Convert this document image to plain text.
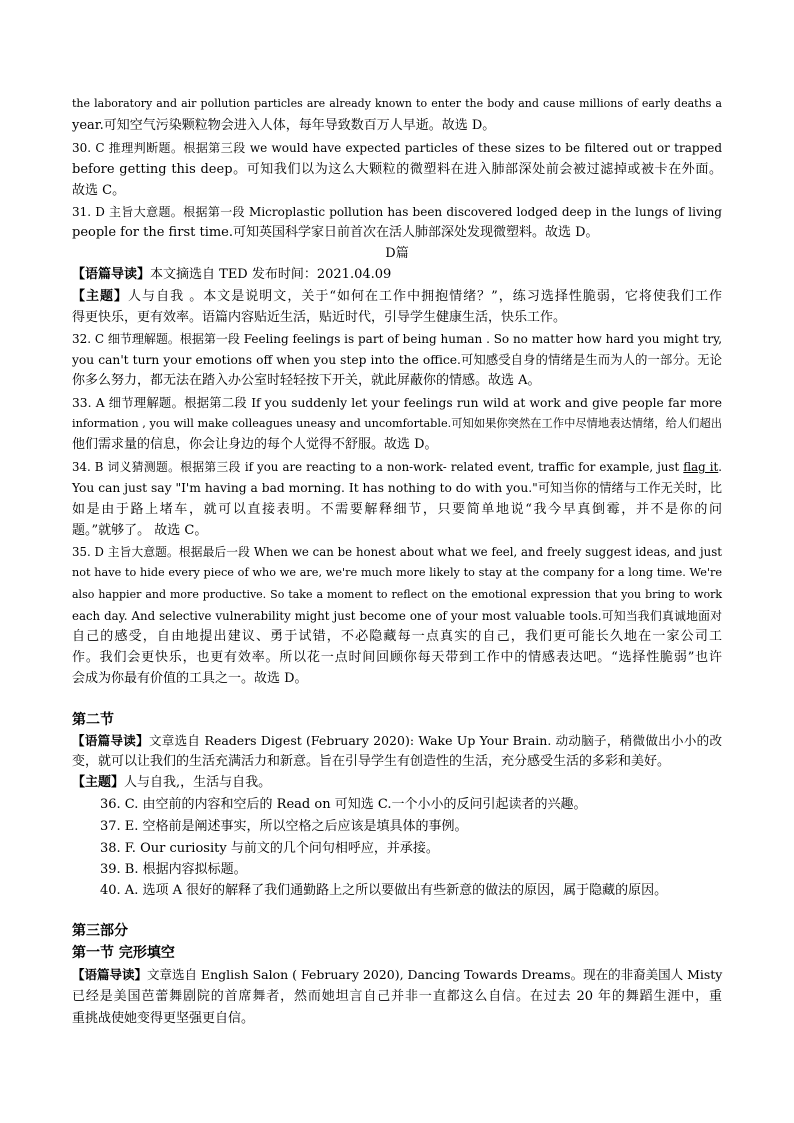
the laboratory and air pollution particles are already known to enter the body and cause millions of early deaths a
year.可知空气污染颗粒物会进入人体，每年导致数百万人早逝。故选 D。
30. C 推理判断题。根据第三段 we would have expected particles of these sizes to be filtered out or trapped
before getting this deep。可知我们以为这么大颗粒的微塑料在进入肺部深处前会被过滤掉或被卡在外面。
故选 C。
31. D 主旨大意题。根据第一段 Microplastic pollution has been discovered lodged deep in the lungs of living
people for the first time.可知英国科学家日前首次在活人肺部深处发现微塑料。故选 D。
D篇
【语篇导读】本文摘选自 TED 发布时间：2021.04.09
【主题】人与自我 。本文是说明文，关于“如何在工作中拥抱情绪？”，练习选择性脆弱，它将使我们工作
得更快乐，更有效率。语篇内容贴近生活，贴近时代，引导学生健康生活，快乐工作。
32. C 细节理解题。根据第一段 Feeling feelings is part of being human . So no matter how hard you might try,
you can't turn your emotions off when you step into the office.可知感受自身的情绪是生而为人的一部分。无论
你多么努力，都无法在踏入办公室时轻轻按下开关，就此屏蔽你的情感。故选 A。
33. A 细节理解题。根据第二段 If you suddenly let your feelings run wild at work and give people far more
information , you will make colleagues uneasy and uncomfortable.可知如果你突然在工作中尽情地表达情绪，给人们超出
他们需求量的信息，你会让身边的每个人觉得不舒服。故选 D。
34. B 词义猜测题。根据第三段 if you are reacting to a non-work- related event, traffic for example, just flag it.
You can just say "I'm having a bad morning. It has nothing to do with you."可知当你的情绪与工作无关时，比
如是由于路上堵车，就可以直接表明。不需要解释细节，只要简单地说“我今早真倒霉，并不是你的问
题。”就够了。 故选 C。
35. D 主旨大意题。根据最后一段 When we can be honest about what we feel, and freely suggest ideas, and just
not have to hide every piece of who we are, we're much more likely to stay at the company for a long time. We're
also happier and more productive. So take a moment to reflect on the emotional expression that you bring to work
each day. And selective vulnerability might just become one of your most valuable tools.可知当我们真诚地面对
自己的感受，自由地提出建议、勇于试错，不必隐藏每一点真实的自己，我们更可能长久地在一家公司工
作。我们会更快乐，也更有效率。所以花一点时间回顾你每天带到工作中的情感表达吧。“选择性脆弱”也许
会成为你最有价值的工具之一。故选 D。
第二节
【语篇导读】文章选自 Readers Digest (February 2020): Wake Up Your Brain. 动动脑子，稍微做出小小的改
变，就可以让我们的生活充满活力和新意。旨在引导学生有创造性的生活，充分感受生活的多彩和美好。
【主题】人与自我,，生活与自我。
36. C. 由空前的内容和空后的 Read on 可知选 C.一个小小的反问引起读者的兴趣。
37. E. 空格前是阐述事实，所以空格之后应该是填具体的事例。
38. F. Our curiosity 与前文的几个问句相呼应，并承接。
39. B. 根据内容拟标题。
40. A. 选项 A 很好的解释了我们通勤路上之所以要做出有些新意的做法的原因，属于隐藏的原因。
第三部分
第一节 完形填空
【语篇导读】文章选自 English Salon ( February 2020), Dancing Towards Dreams。现在的非裔美国人 Misty
已经是美国芭蕾舞剧院的首席舞者，然而她坦言自己并非一直都这么自信。在过去 20 年的舞蹈生涯中，重
重挑战使她变得更坚强更自信。
